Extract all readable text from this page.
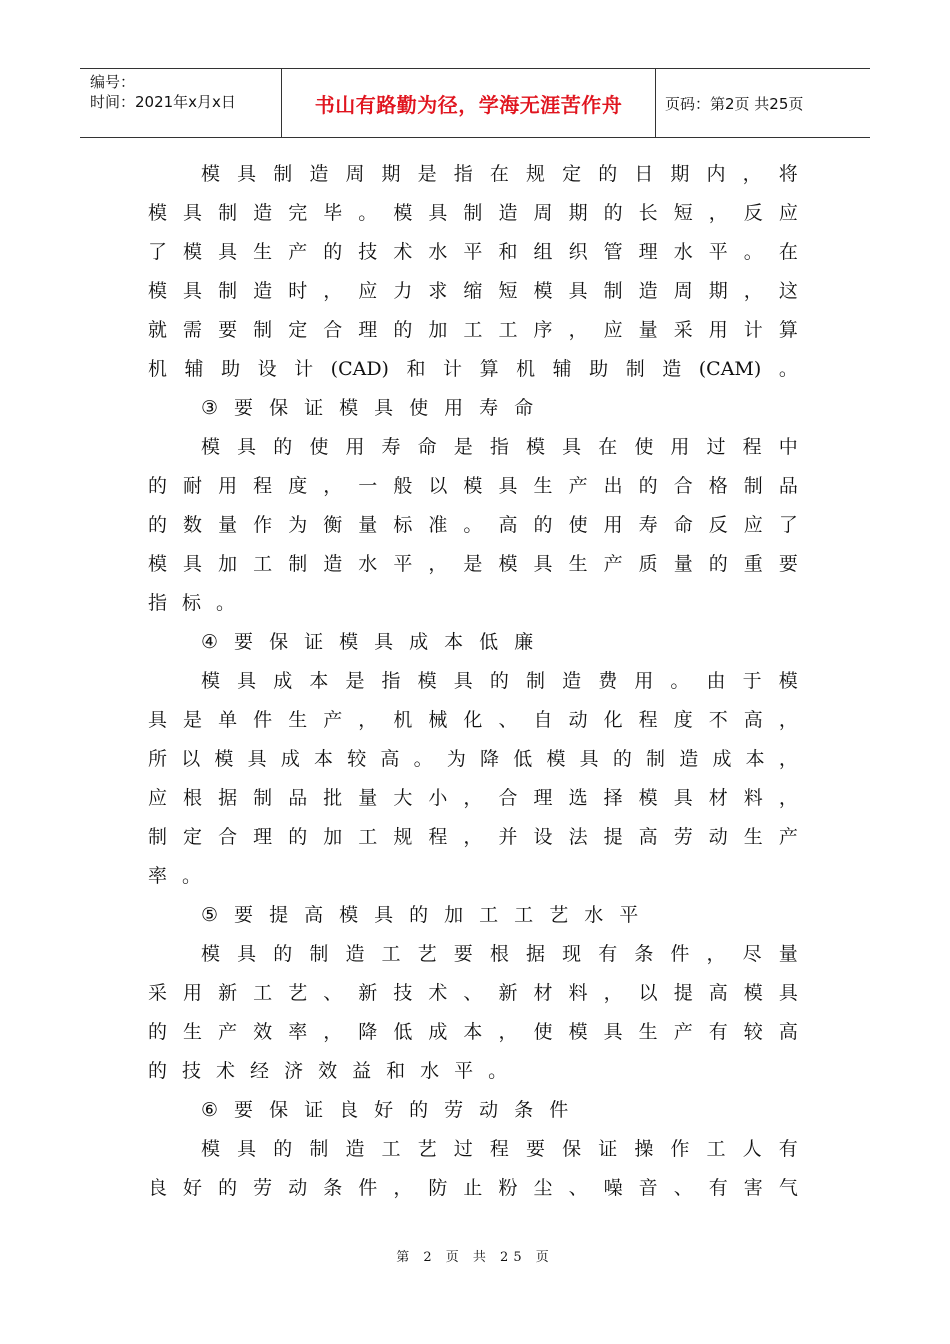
编号：
时间：2021年x月x日	书山有路勤为径，学海无涯苦作舟	页码：第2页 共25页
模 具 制 造 周 期 是 指 在 规 定 的 日 期 内 ， 将
模 具 制 造 完 毕 。 模 具 制 造 周 期 的 长 短 ， 反 应
了 模 具 生 产 的 技 术 水 平 和 组 织 管 理 水 平 。 在
模 具 制 造 时 ， 应 力 求 缩 短 模 具 制 造 周 期 ， 这
就 需 要 制 定 合 理 的 加 工 工 序 ， 应 量 采 用 计 算
机 辅 助 设 计 (CAD) 和 计 算 机 辅 助 制 造 (CAM) 。
③ 要 保 证 模 具 使 用 寿 命
模 具 的 使 用 寿 命 是 指 模 具 在 使 用 过 程 中
的 耐 用 程 度 ， 一 般 以 模 具 生 产 出 的 合 格 制 品
的 数 量 作 为 衡 量 标 准 。 高 的 使 用 寿 命 反 应 了
模 具 加 工 制 造 水 平 ， 是 模 具 生 产 质 量 的 重 要
指 标 。
④ 要 保 证 模 具 成 本 低 廉
模 具 成 本 是 指 模 具 的 制 造 费 用 。 由 于 模
具 是 单 件 生 产 ， 机 械 化 、 自 动 化 程 度 不 高 ，
所 以 模 具 成 本 较 高 。 为 降 低 模 具 的 制 造 成 本 ，
应 根 据 制 品 批 量 大 小 ， 合 理 选 择 模 具 材 料 ，
制 定 合 理 的 加 工 规 程 ， 并 设 法 提 高 劳 动 生 产
率 。
⑤ 要 提 高 模 具 的 加 工 工 艺 水 平
模 具 的 制 造 工 艺 要 根 据 现 有 条 件 ， 尽 量
采 用 新 工 艺 、 新 技 术 、 新 材 料 ， 以 提 高 模 具
的 生 产 效 率 ， 降 低 成 本 ， 使 模 具 生 产 有 较 高
的 技 术 经 济 效 益 和 水 平 。
⑥ 要 保 证 良 好 的 劳 动 条 件
模 具 的 制 造 工 艺 过 程 要 保 证 操 作 工 人 有
良 好 的 劳 动 条 件 ， 防 止 粉 尘 、 噪 音 、 有 害 气
第 2 页 共 25 页
